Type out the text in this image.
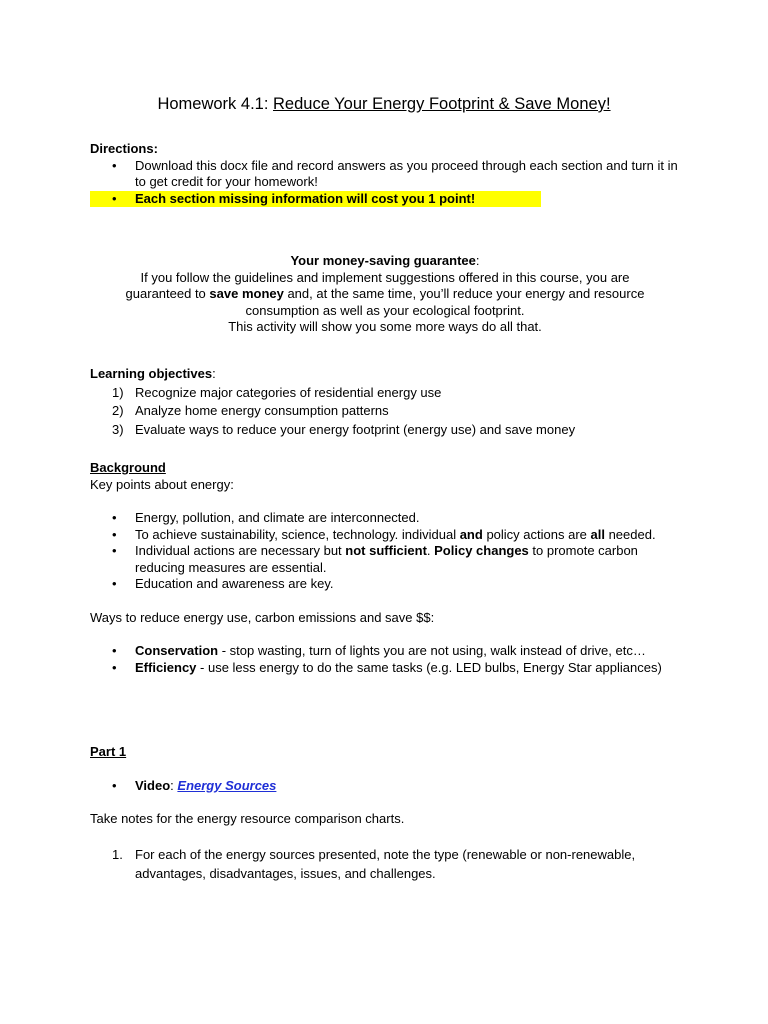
Homework 4.1: Reduce Your Energy Footprint & Save Money!
Directions:
• Download this docx file and record answers as you proceed through each section and turn it in to get credit for your homework!
• Each section missing information will cost you 1 point!
Your money-saving guarantee:
If you follow the guidelines and implement suggestions offered in this course, you are
guaranteed to save money and, at the same time, you’ll reduce your energy and resource
consumption as well as your ecological footprint.
This activity will show you some more ways do all that.
Learning objectives:
1) Recognize major categories of residential energy use
2) Analyze home energy consumption patterns
3) Evaluate ways to reduce your energy footprint (energy use) and save money
Background
Key points about energy:
• Energy, pollution, and climate are interconnected.
• To achieve sustainability, science, technology. individual and policy actions are all needed.
• Individual actions are necessary but not sufficient. Policy changes to promote carbon reducing measures are essential.
• Education and awareness are key.
Ways to reduce energy use, carbon emissions and save $$:
• Conservation - stop wasting, turn of lights you are not using, walk instead of drive, etc…
• Efficiency - use less energy to do the same tasks (e.g. LED bulbs, Energy Star appliances)
Part 1
• Video: Energy Sources
Take notes for the energy resource comparison charts.
1. For each of the energy sources presented, note the type (renewable or non-renewable, advantages, disadvantages, issues, and challenges.
